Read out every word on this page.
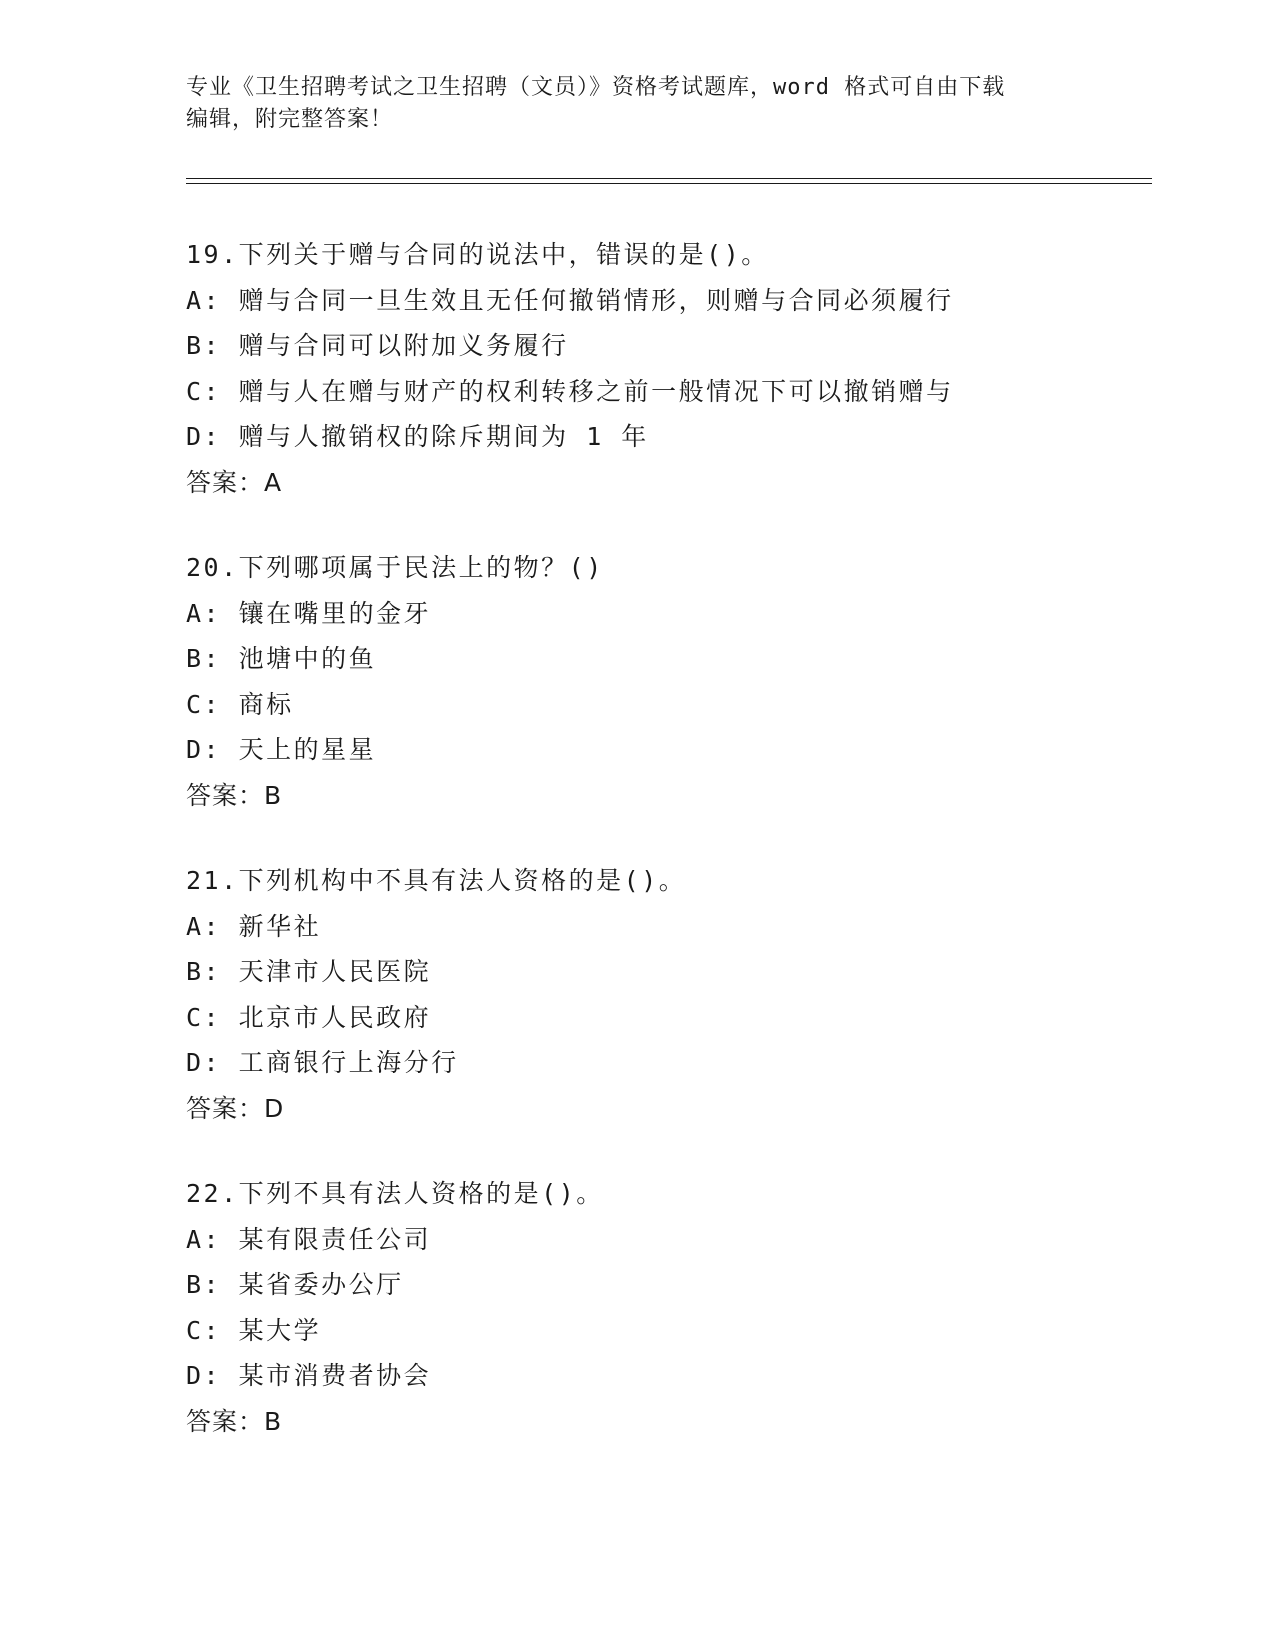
专业《卫生招聘考试之卫生招聘（文员）》资格考试题库，word 格式可自由下载
编辑，附完整答案！
19.下列关于赠与合同的说法中，错误的是()。
A: 赠与合同一旦生效且无任何撤销情形，则赠与合同必须履行
B: 赠与合同可以附加义务履行
C: 赠与人在赠与财产的权利转移之前一般情况下可以撤销赠与
D: 赠与人撤销权的除斥期间为 1 年
答案：A
20.下列哪项属于民法上的物？()
A: 镶在嘴里的金牙
B: 池塘中的鱼
C: 商标
D: 天上的星星
答案：B
21.下列机构中不具有法人资格的是()。
A: 新华社
B: 天津市人民医院
C: 北京市人民政府
D: 工商银行上海分行
答案：D
22.下列不具有法人资格的是()。
A: 某有限责任公司
B: 某省委办公厅
C: 某大学
D: 某市消费者协会
答案：B
